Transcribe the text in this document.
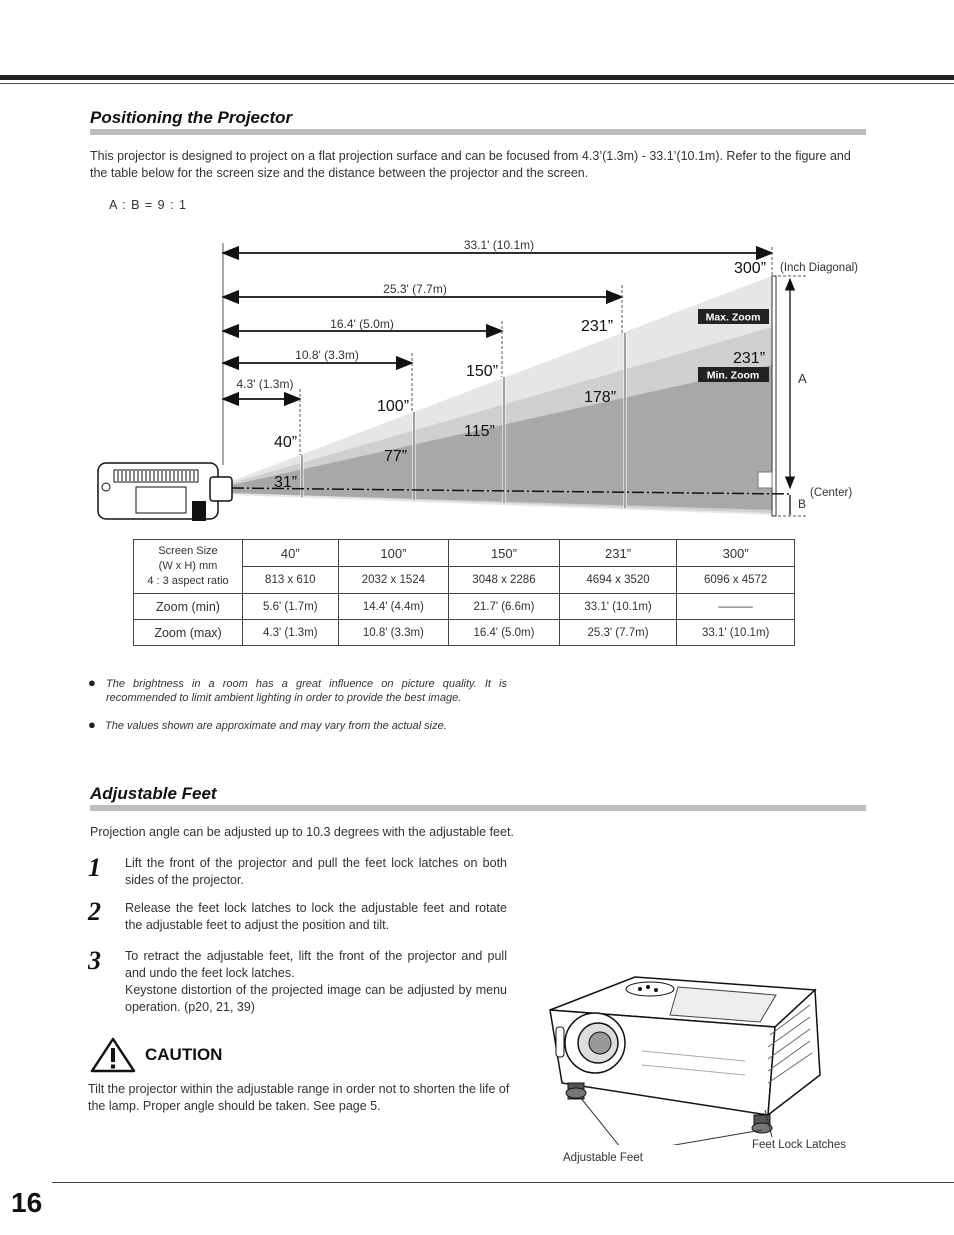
Positioning the Projector
This projector is designed to project on a flat projection surface and can be focused from 4.3’(1.3m) - 33.1’(10.1m). Refer to the figure and the table below for the screen size and the distance between the projector and the screen.
A : B = 9 : 1
33.1' (10.1m)
25.3' (7.7m)
16.4' (5.0m)
10.8' (3.3m)
4.3' (1.3m)
40”
100”
150”
231”
300”
31”
77”
115”
178”
231”
(Inch Diagonal)
Max. Zoom
Min. Zoom	A
B
(Center)
Screen Size
(W x H) mm
4 : 3 aspect ratio	40”	100”	150”	231”	300”
	813 x 610	2032 x 1524	3048 x 2286	4694 x 3520	6096 x 4572
Zoom (min)	5.6' (1.7m)	14.4' (4.4m)	21.7' (6.6m)	33.1' (10.1m)	———
Zoom (max)	4.3' (1.3m)	10.8' (3.3m)	16.4' (5.0m)	25.3' (7.7m)	33.1' (10.1m)
● The brightness in a room has a great influence on picture quality. It is recommended to limit ambient lighting in order to provide the best image.
● The values shown are approximate and may vary from the actual size.
Adjustable Feet
Projection angle can be adjusted up to 10.3 degrees with the adjustable feet.
1 Lift the front of the projector and pull the feet lock latches on both sides of the projector.
2 Release the feet lock latches to lock the adjustable feet and rotate the adjustable feet to adjust the position and tilt.
3 To retract the adjustable feet, lift the front of the projector and pull and undo the feet lock latches.
Keystone distortion of the projected image can be adjusted by menu operation. (p20, 21, 39)
CAUTION
Tilt the projector within the adjustable range in order not to shorten the life of the lamp. Proper angle should be taken. See page 5.
Feet Lock Latches
Adjustable Feet
16
